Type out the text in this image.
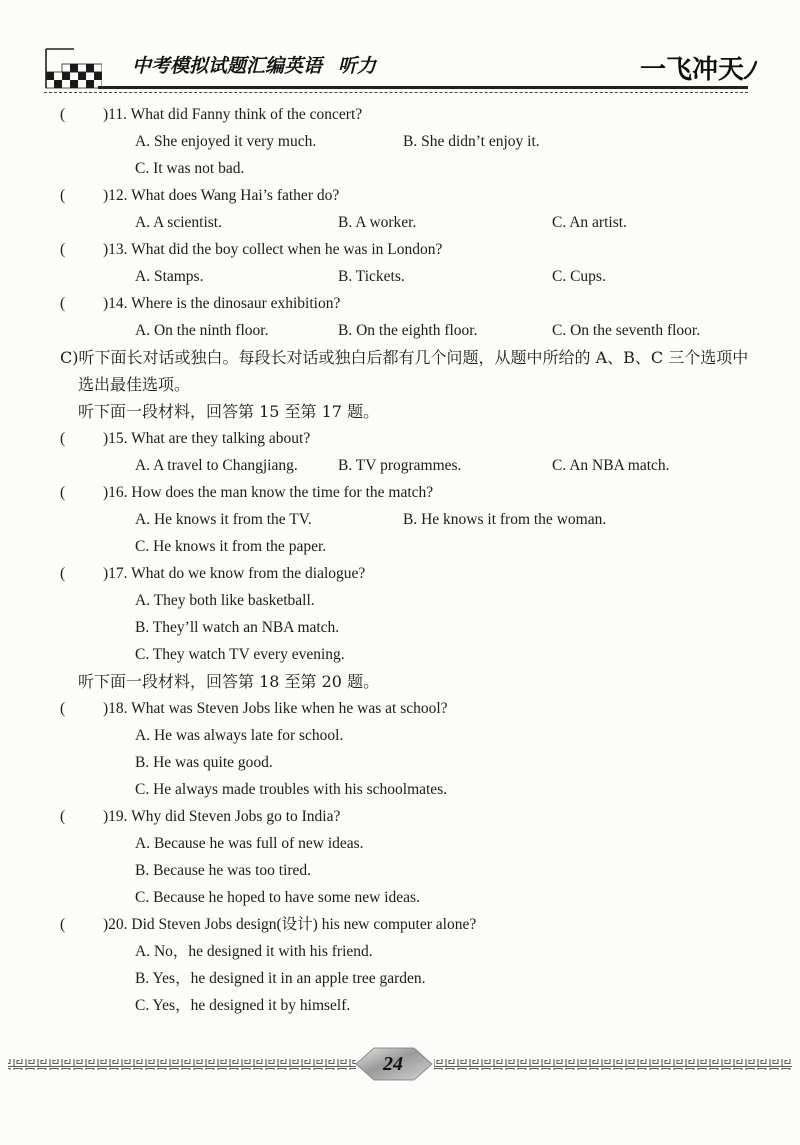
中考模拟试题汇编英语 听力	一飞冲天
( )11. What did Fanny think of the concert?
A. She enjoyed it very much.	B. She didn’t enjoy it.
C. It was not bad.
( )12. What does Wang Hai’s father do?
A. A scientist.	B. A worker.	C. An artist.
( )13. What did the boy collect when he was in London?
A. Stamps.	B. Tickets.	C. Cups.
( )14. Where is the dinosaur exhibition?
A. On the ninth floor.	B. On the eighth floor.	C. On the seventh floor.
C)听下面长对话或独白。每段长对话或独白后都有几个问题，从题中所给的 A、B、C 三个选项中
选出最佳选项。
听下面一段材料，回答第 15 至第 17 题。
( )15. What are they talking about?
A. A travel to Changjiang.	B. TV programmes.	C. An NBA match.
( )16. How does the man know the time for the match?
A. He knows it from the TV.	B. He knows it from the woman.
C. He knows it from the paper.
( )17. What do we know from the dialogue?
A. They both like basketball.
B. They’ll watch an NBA match.
C. They watch TV every evening.
听下面一段材料，回答第 18 至第 20 题。
( )18. What was Steven Jobs like when he was at school?
A. He was always late for school.
B. He was quite good.
C. He always made troubles with his schoolmates.
( )19. Why did Steven Jobs go to India?
A. Because he was full of new ideas.
B. Because he was too tired.
C. Because he hoped to have some new ideas.
( )20. Did Steven Jobs design(设计) his new computer alone?
A. No，he designed it with his friend.
B. Yes，he designed it in an apple tree garden.
C. Yes，he designed it by himself.
24
